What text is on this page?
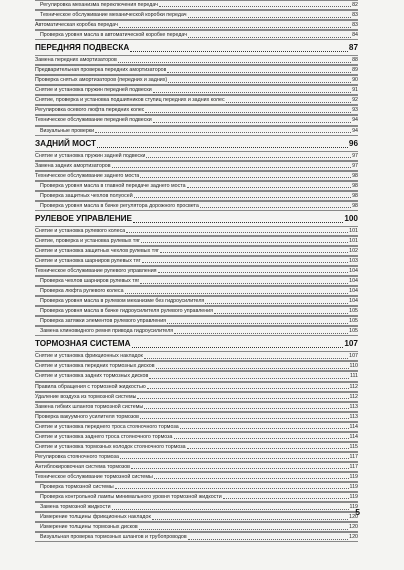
Регулировка механизма переключения передач	82
Техническое обслуживание механической коробки передач	83
Автоматическая коробка передач	83
Проверка уровня масла в автоматической коробке передач	84
ПЕРЕДНЯЯ ПОДВЕСКА	87
Замена передних амортизаторов	88
Предварительная проверка передних амортизаторов	89
Проверка снятых амортизаторов (передних и задних)	90
Снятие и установка пружин передней подвески	91
Снятие, проверка и установка подшипников ступиц передних и задних колес	92
Регулировка осевого люфта передних колес	93
Техническое обслуживание передней подвески	94
Визуальные проверки	94
ЗАДНИЙ МОСТ	96
Снятие и установка пружин задней подвески	97
Замена задних амортизаторов	97
Техническое обслуживание заднего моста	98
Проверка уровня масла в главной передаче заднего моста	98
Проверка защитных чехлов полуосей	98
Проверка уровня масла в бачке регулятора дорожного просвета	98
РУЛЕВОЕ УПРАВЛЕНИЕ	100
Снятие и установка рулевого колеса	101
Снятие, проверка и установка рулевых тяг	101
Снятие и установка защитных чехлов рулевых тяг	102
Снятие и установка шарниров рулевых тяг	103
Техническое обслуживание рулевого управления	104
Проверка чехлов шарниров рулевых тяг	104
Проверка люфта рулевого колеса	104
Проверка уровня масла в рулевом механизме без гидроусилителя	104
Проверка уровня масла в бачке гидроусилителя рулевого управления	105
Проверка затяжки элементов рулевого управления	105
Замена клиновидного ремня привода гидроусилителя	105
ТОРМОЗНАЯ СИСТЕМА	107
Снятие и установка фрикционных накладок	107
Снятие и установка передних тормозных дисков	110
Снятие и установка задних тормозных дисков	111
Правила обращения с тормозной жидкостью	112
Удаление воздуха из тормозной системы	112
Замена гибких шлангов тормозной системы	113
Проверка вакуумного усилителя тормозов	113
Снятие и установка переднего троса стояночного тормоза	114
Снятие и установка заднего троса стояночного тормоза	114
Снятие и установка тормозных колодок стояночного тормоза	115
Регулировка стояночного тормоза	117
Антиблокировочная система тормозов	117
Техническое обслуживание тормозной системы	119
Проверка тормозной системы	119
Проверка контрольной лампы минимального уровня тормозной жидкости	119
Замена тормозной жидкости	119
Измерение толщины фрикционных накладок	120
Измерение толщины тормозных дисков	120
Визуальная проверка тормозных шлангов и трубопроводов	120
5
